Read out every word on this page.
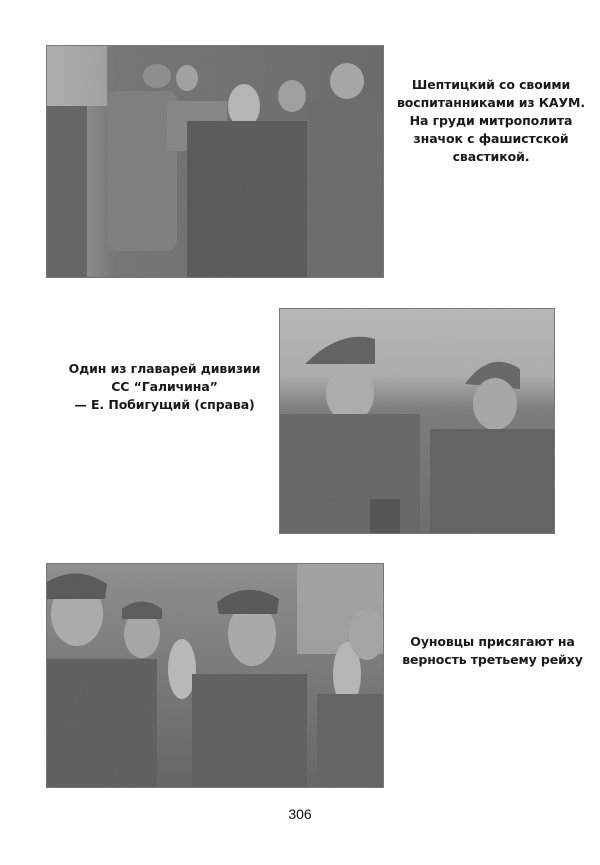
Шептицкий со своими
воспитанниками из КАУМ.
На груди митрополита
значок с фашистской
свастикой.
Один из главарей дивизии
СС “Галичина”
— Е. Побигущий (справа)
Оуновцы присягают на
верность третьему рейху
306
